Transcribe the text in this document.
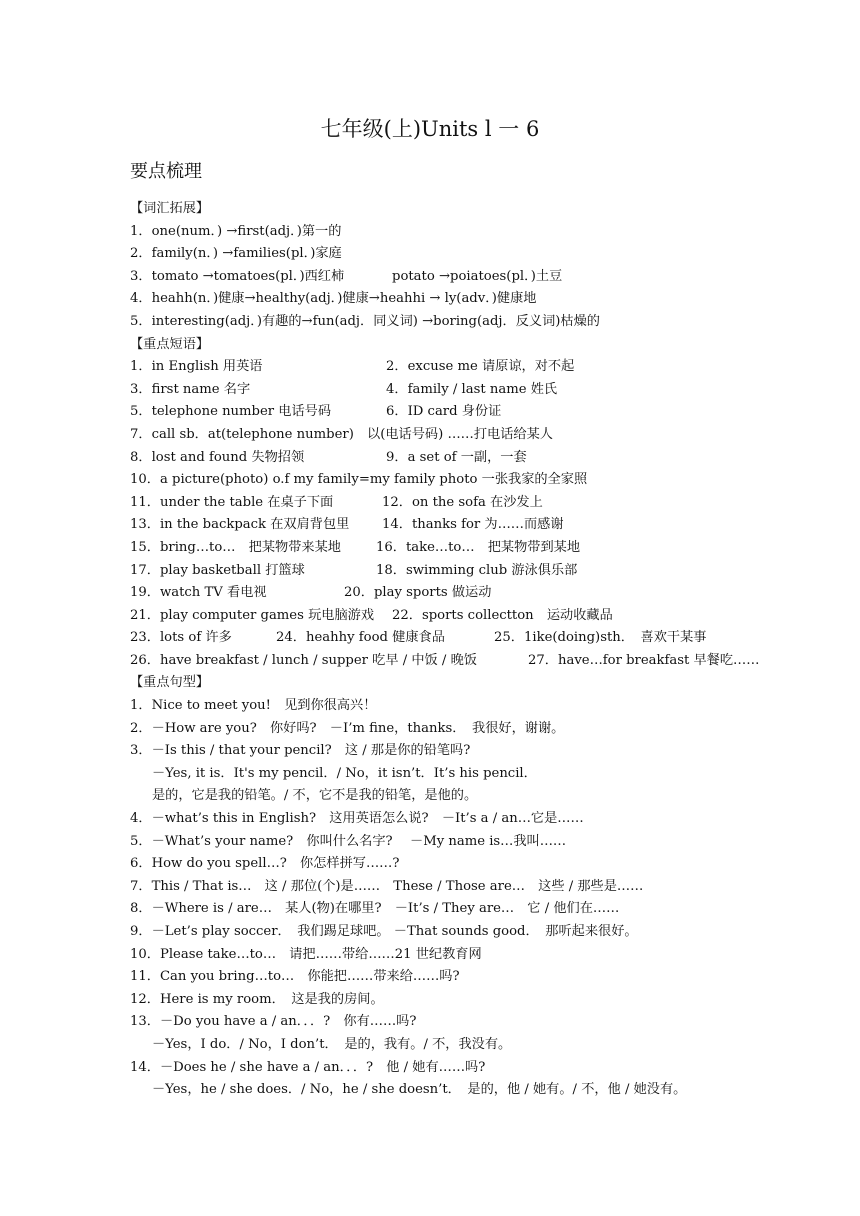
七年级(上)Units l 一 6
要点梳理
【词汇拓展】
1．one(num．) →first(adj．)第一的
2．family(n．) →families(pl．)家庭
3．tomato →tomatoes(pl．)西红柿	potato →poiatoes(pl．)土豆
4．heahh(n．)健康→healthy(adj．)健康→heahhi → ly(adv．)健康地
5．interesting(adj．)有趣的→fun(adj．同义词) →boring(adj．反义词)枯燥的
【重点短语】
1．in English 用英语	2．excuse me 请原谅，对不起
3．first name 名字	4．family / last name 姓氏
5．telephone number 电话号码	6．ID card 身份证
7．call sb．at(telephone number)　以(电话号码) ……打电话给某人
8．lost and found 失物招领	9．a set of 一副，一套
10．a picture(photo) o.f my family=my family photo 一张我家的全家照
11．under the table 在桌子下面	12．on the sofa 在沙发上
13．in the backpack 在双肩背包里 14．thanks for 为……而感谢
15．bring…to…　把某物带来某地	16．take…to…　把某物带到某地
17．play basketball 打篮球	18．swimming club 游泳俱乐部
19．watch TV 看电视	20．play sports 做运动
21．play computer games 玩电脑游戏 22．sports collectton　运动收藏品
23．lots of 许多	24．heahhy food 健康食品	25．1ike(doing)sth．　喜欢干某事
26．have breakfast / lunch / supper 吃早 / 中饭 / 晚饭	27．have…for breakfast 早餐吃……
【重点句型】
1．Nice to meet you!　见到你很高兴！
2．－How are you?　你好吗?　－I’m fine，thanks．　我很好，谢谢。
3．－Is this / that your pencil?　这 / 那是你的铅笔吗?
－Yes, it is．It's my pencil．/ No，it isn’t．It’s his pencil．
是的，它是我的铅笔。/ 不，它不是我的铅笔，是他的。
4．－what’s this in English?　这用英语怎么说?　－It’s a / an…它是……
5．－What’s your name?　你叫什么名字?　 －My name is…我叫……
6．How do you spell…?　你怎样拼写……?
7．This / That is…　这 / 那位(个)是……　These / Those are…　这些 / 那些是……
8．－Where is / are…　某人(物)在哪里?　－It’s / They are…　它 / 他们在……
9．－Let’s play soccer．　我们踢足球吧。 －That sounds good．　那听起来很好。
10．Please take…to…　请把……带给……21 世纪教育网
11．Can you bring…to…　你能把……带来给……吗?
12．Here is my room．　这是我的房间。
13．－Do you have a / an．．．?　你有……吗?
－Yes，I do．/ No，I don’t．　是的，我有。/ 不，我没有。
14．－Does he / she have a / an．．．?　他 / 她有……吗?
－Yes，he / she does．/ No，he / she doesn’t．　是的，他 / 她有。/ 不，他 / 她没有。
